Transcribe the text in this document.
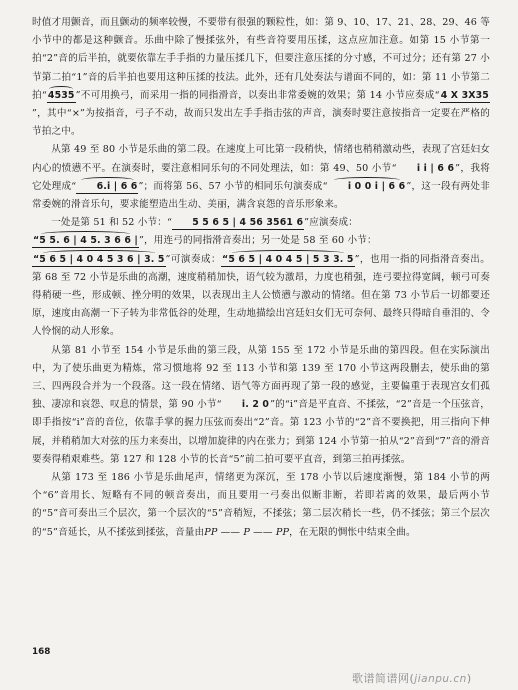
时值才用颤音，而且颤动的频率较慢，不要带有很强的颗粒性，如：第 9、10、17、21、28、29、46 等小节中的都是这种颤音。乐曲中除了慢揉弦外，有些音符要用压揉，这点应加注意。如第 15 小节第一拍“2”音的后半拍，就要依靠左手手指的力量压揉几下，但要注意压揉的分寸感，不可过分；还有第 27 小节第二拍“1”音的后半拍也要用这种压揉的技法。此外，还有几处奏法与谱面不同的，如：第 11 小节第二拍“4535”不可用换弓，而采用一指的同指滑音，以奏出非常委婉的效果；第 14 小节应奏成“4 X 3X35”，其中“×”为按指音，弓子不动，故而只发出左手手指击弦的声音，演奏时要注意按指音一定要在严格的节拍之中。

从第 49 至 80 小节是乐曲的第二段。在速度上可比第一段稍快，情绪也稍稍激动些，表现了宫廷妇女内心的愤懑不平。在演奏时，要注意相同乐句的不同处理法，如：第 49、50 小节“ i i | 6 6”，我将它处理成“ 6.i | 6 6”；而将第 56、57 小节的相同乐句演奏成“ i 0 0 i | 6 6”，这一段有两处非常委婉的滑音乐句，要求能塑造出生动、美丽，满含哀怨的音乐形象来。

一处是第 51 和 52 小节：“ 5 5 6 5 | 4 56 3561 6”应演奏成：

“5 5. 6 | 4 5. 3 6 6 |”，用连弓的同指滑音奏出；另一处是 58 至 60 小节：

“5 6 5 | 4 0 4 5 3 6 | 3. 5”可演奏成：“5 6 5 | 4 0 4 5 | 5 3 3. 5”，也用一指的同指滑音奏出。第 68 至 72 小节是乐曲的高潮，速度稍稍加快，语气较为激昂，力度也稍强，连弓要拉得宽阔，顿弓可奏得稍硬一些，形成顿、挫分明的效果，以表现出主人公愤懑与激动的情绪。但在第 73 小节后一切都要还原，速度由高潮一下子转为非常低谷的处理，生动地描绘出宫廷妇女们无可奈何、最终只得暗自垂泪的、令人怜悯的动人形象。

从第 81 小节至 154 小节是乐曲的第三段，从第 155 至 172 小节是乐曲的第四段。但在实际演出中，为了使乐曲更为精炼，常习惯地将 92 至 113 小节和第 139 至 170 小节这两段删去，使乐曲的第三、四两段合并为一个段落。这一段在情绪、语气等方面再现了第一段的感觉，主要偏重于表现宫女们孤独、凄凉和哀怨、叹息的情景，第 90 小节“ i. 2 0”的“i”音是平直音、不揉弦，“2”音是一个压弦音，即手指按“i”音的音位，依靠手掌的握力压弦而奏出“2”音。第 123 小节的“2”音不要换把，用三指向下伸展，并稍稍加大对弦的压力来奏出，以增加旋律的内在张力；到第 124 小节第一拍从“2”音到“7”音的滑音要奏得稍艰难些。第 127 和 128 小节的长音“5”前二拍可要平直音，到第三拍再揉弦。

从第 173 至 186 小节是乐曲尾声，情绪更为深沉，至 178 小节以后速度渐慢，第 184 小节的两个“6”音用长、短略有不同的顿音奏出，而且要用一弓奏出似断非断，若即若离的效果，最后两小节的“5”音可奏出三个层次，第一个层次的“5”音稍短，不揉弦；第二层次稍长一些，仍不揉弦；第三个层次的“5”音延长，从不揉弦到揉弦，音量由PP —— P —— PP，在无限的惆怅中结束全曲。

168
歌谱简谱网(jianpu.cn)
